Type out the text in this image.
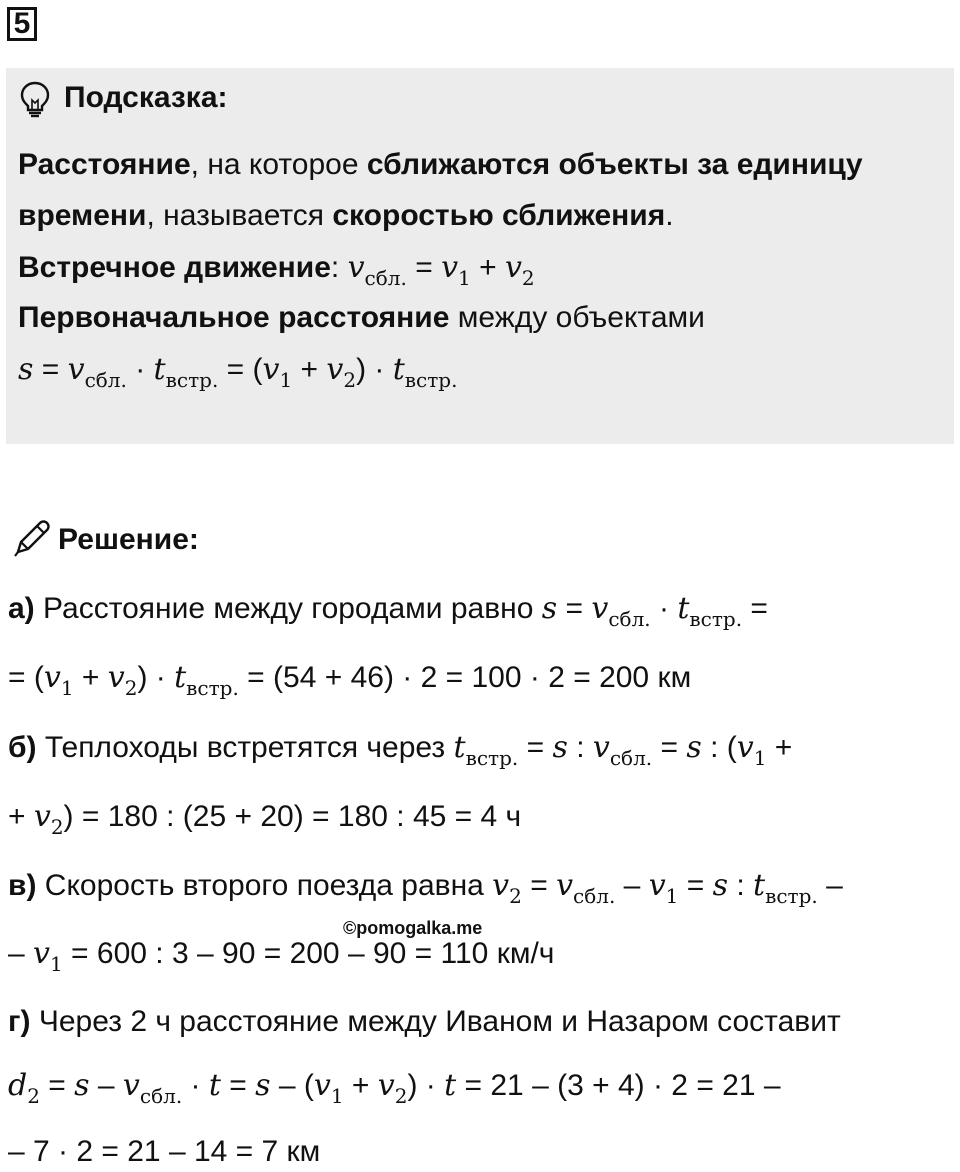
5
Подсказка:
Расстояние, на которое сближаются объекты за единицу
времени, называется скоростью сближения.
Встречное движение: $v_{сбл.} = v_1 + v_2$
Первоначальное расстояние между объектами
$s = v_{сбл.} \cdot t_{встр.} = (v_1 + v_2) \cdot t_{встр.}$
Решение:
а) Расстояние между городами равно $s = v_{сбл.} \cdot t_{встр.}$ =
= $(v_1 + v_2) \cdot t_{встр.} = (54 + 46) \cdot 2 = 100 \cdot 2 = 200$ км
б) Теплоходы встретятся через $t_{встр.} = s$ : $v_{сбл.} = s$ : ($v_1$ +
+ $v_2) = 180$ : (25 + 20) = 180 : 45 = 4 ч
в) Скорость второго поезда равна $v_2 = v_{сбл.} - v_1 = s$ : $t_{встр.}$ –
©pomogalka.me
– $v_1 = 600$ : 3 – 90 = 200 – 90 = 110 км/ч
г) Через 2 ч расстояние между Иваном и Назаром составит
$d_2 = s - v_{сбл.} \cdot t = s - (v_1 + v_2) \cdot t = 21 - (3 + 4) \cdot 2 = 21$ –
– 7 · 2 = 21 – 14 = 7 км
